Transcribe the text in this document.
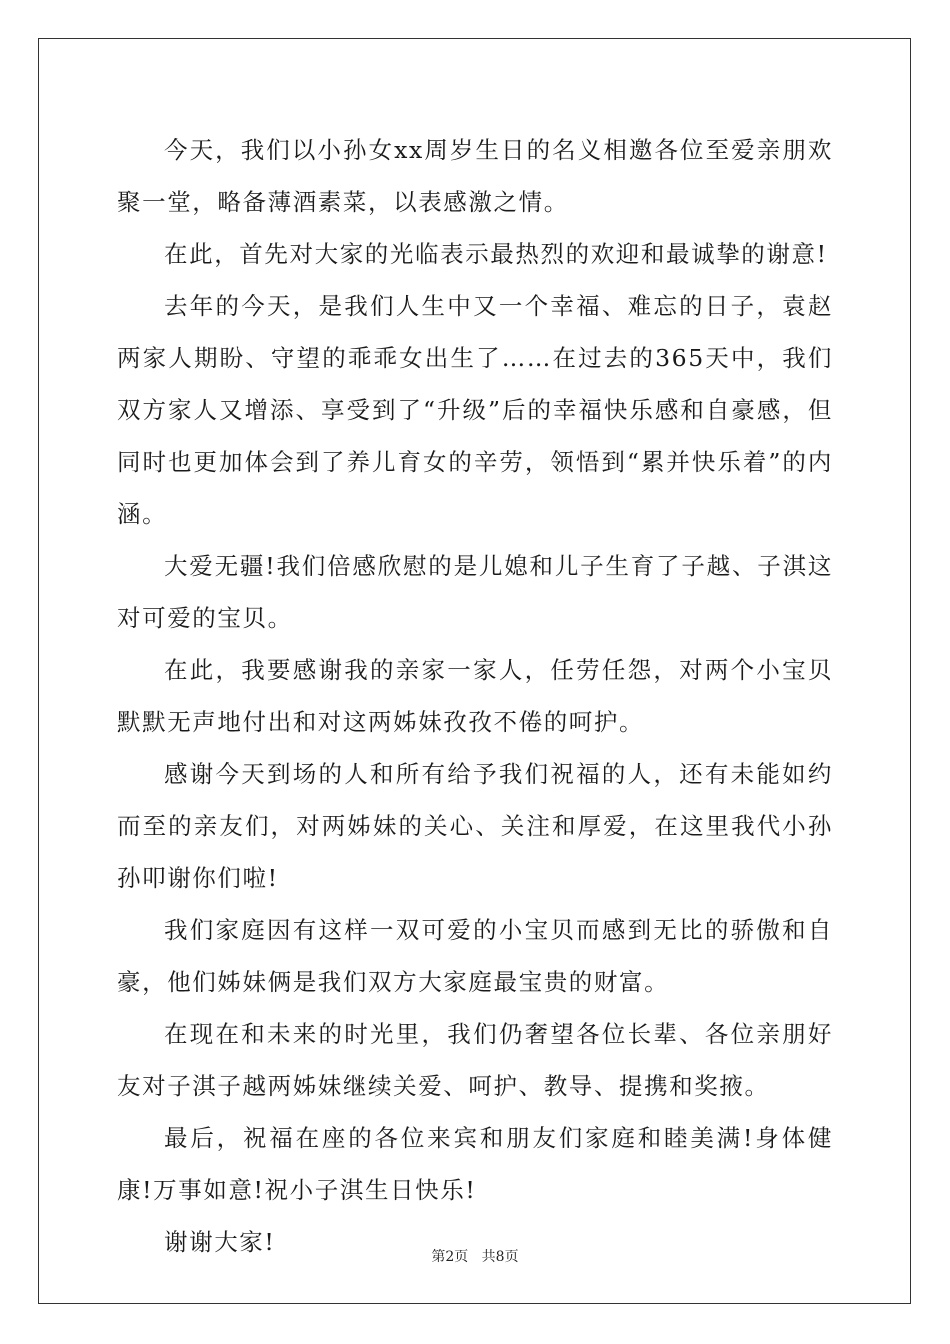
今天，我们以小孙女xx周岁生日的名义相邀各位至爱亲朋欢聚一堂，略备薄酒素菜，以表感激之情。

在此，首先对大家的光临表示最热烈的欢迎和最诚挚的谢意!

去年的今天，是我们人生中又一个幸福、难忘的日子，袁赵两家人期盼、守望的乖乖女出生了……在过去的365天中，我们双方家人又增添、享受到了“升级”后的幸福快乐感和自豪感，但同时也更加体会到了养儿育女的辛劳，领悟到“累并快乐着”的内涵。

大爱无疆!我们倍感欣慰的是儿媳和儿子生育了子越、子淇这对可爱的宝贝。

在此，我要感谢我的亲家一家人，任劳任怨，对两个小宝贝默默无声地付出和对这两姊妹孜孜不倦的呵护。

感谢今天到场的人和所有给予我们祝福的人，还有未能如约而至的亲友们，对两姊妹的关心、关注和厚爱，在这里我代小孙孙叩谢你们啦!

我们家庭因有这样一双可爱的小宝贝而感到无比的骄傲和自豪，他们姊妹俩是我们双方大家庭最宝贵的财富。

在现在和未来的时光里，我们仍奢望各位长辈、各位亲朋好友对子淇子越两姊妹继续关爱、呵护、教导、提携和奖掖。

最后，祝福在座的各位来宾和朋友们家庭和睦美满!身体健康!万事如意!祝小子淇生日快乐!

谢谢大家!

第2页 共8页
